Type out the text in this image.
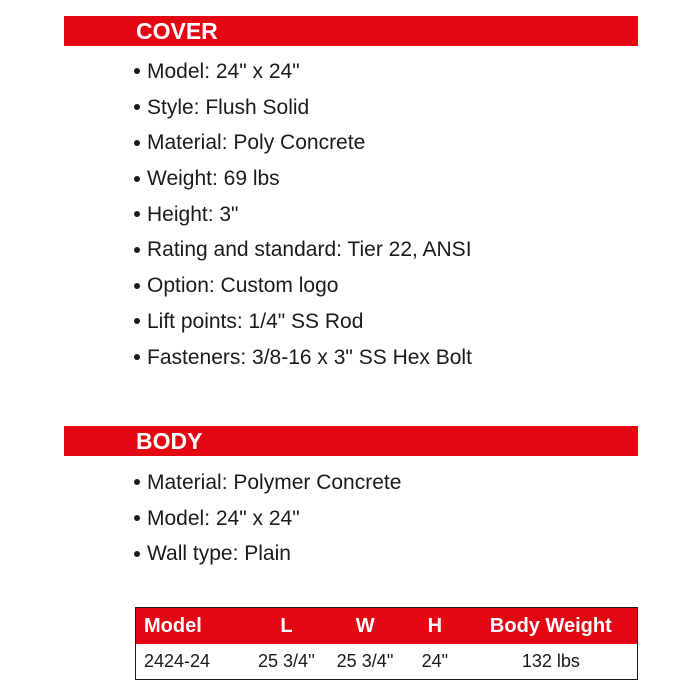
COVER
Model: 24" x 24"
Style: Flush Solid
Material: Poly Concrete
Weight: 69 lbs
Height: 3"
Rating and standard: Tier 22, ANSI
Option: Custom logo
Lift points: 1/4" SS Rod
Fasteners: 3/8-16 x 3" SS Hex Bolt
BODY
Material: Polymer Concrete
Model: 24" x 24"
Wall type: Plain
Model	L	W	H	Body Weight
2424-24	25 3/4''	25 3/4''	24"	132 lbs
